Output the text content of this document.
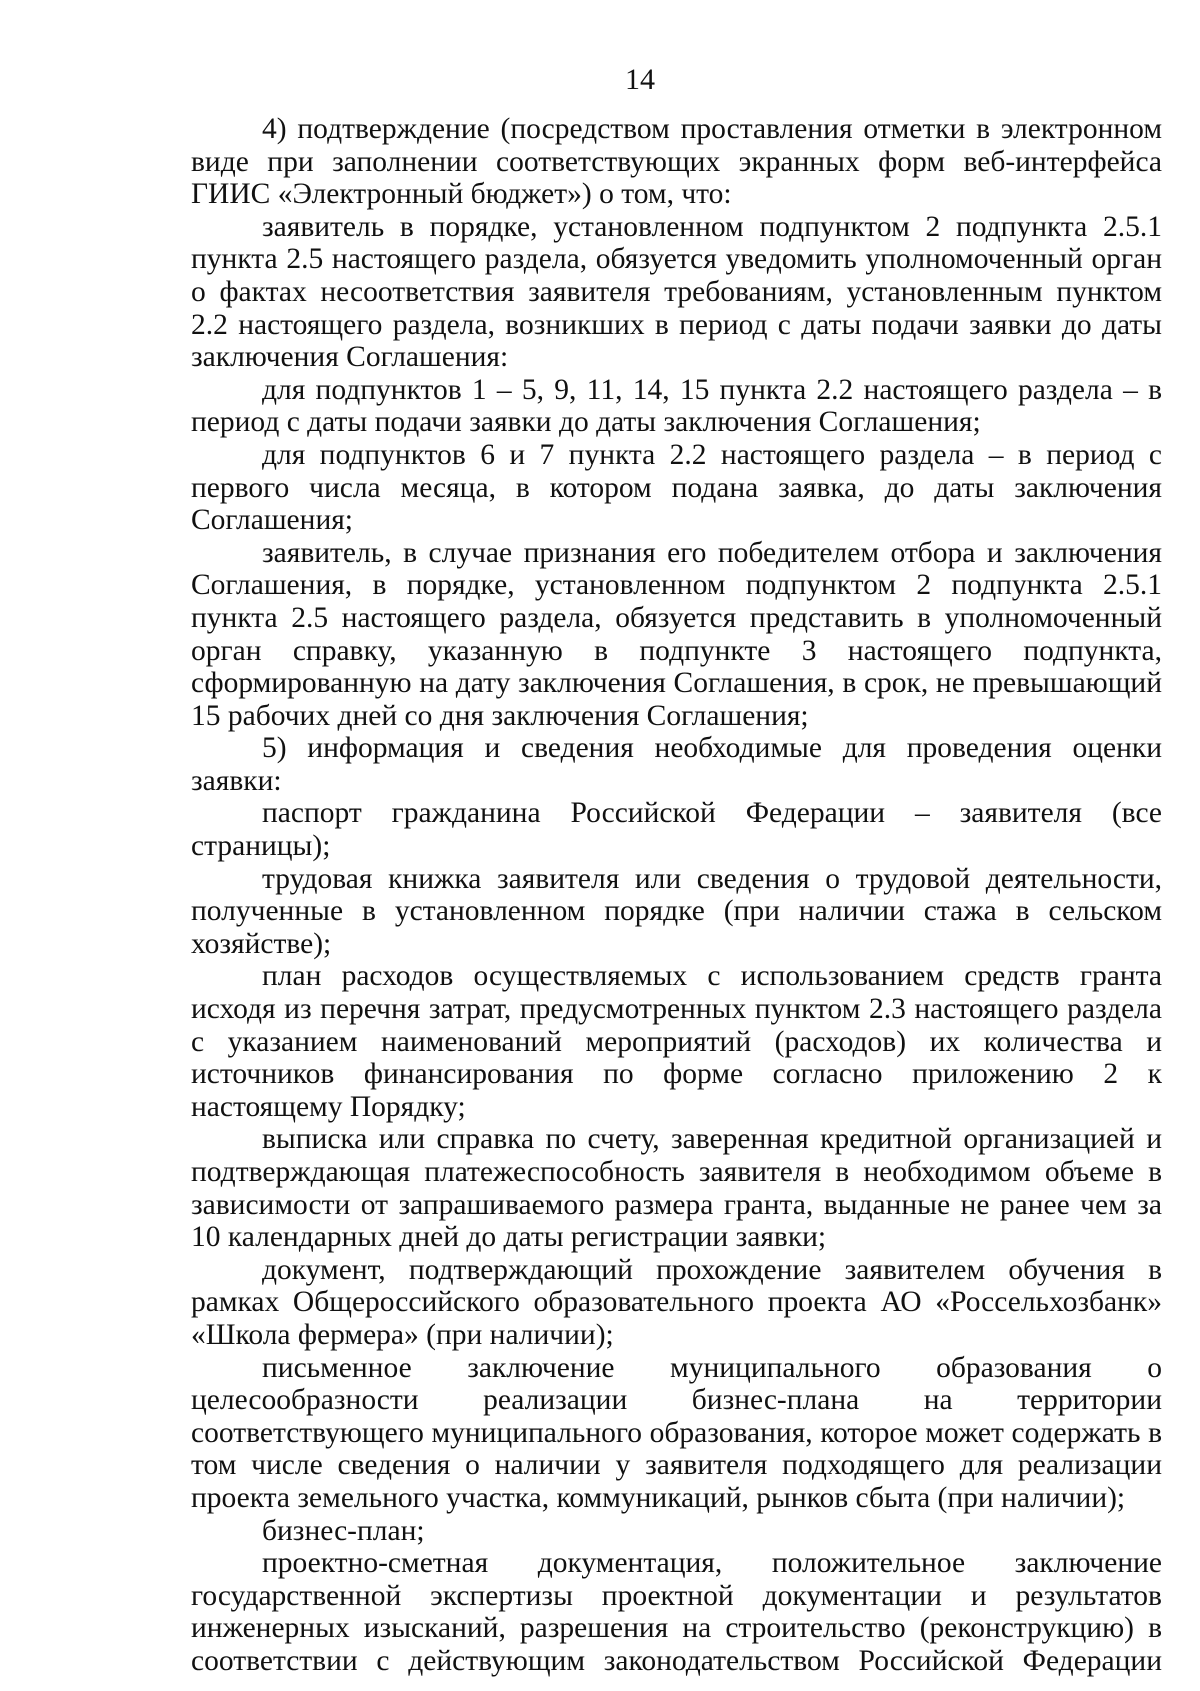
14

4) подтверждение (посредством проставления отметки в электронном виде при заполнении соответствующих экранных форм веб-интерфейса ГИИС «Электронный бюджет») о том, что:

заявитель в порядке, установленном подпунктом 2 подпункта 2.5.1 пункта 2.5 настоящего раздела, обязуется уведомить уполномоченный орган о фактах несоответствия заявителя требованиям, установленным пунктом 2.2 настоящего раздела, возникших в период с даты подачи заявки до даты заключения Соглашения:

для подпунктов 1 – 5, 9, 11, 14, 15 пункта 2.2 настоящего раздела – в период с даты подачи заявки до даты заключения Соглашения;

для подпунктов 6 и 7 пункта 2.2 настоящего раздела – в период с первого числа месяца, в котором подана заявка, до даты заключения Соглашения;

заявитель, в случае признания его победителем отбора и заключения Соглашения, в порядке, установленном подпунктом 2 подпункта 2.5.1 пункта 2.5 настоящего раздела, обязуется представить в уполномоченный орган справку, указанную в подпункте 3 настоящего подпункта, сформированную на дату заключения Соглашения, в срок, не превышающий 15 рабочих дней со дня заключения Соглашения;

5) информация и сведения необходимые для проведения оценки заявки:

паспорт гражданина Российской Федерации – заявителя (все страницы);

трудовая книжка заявителя или сведения о трудовой деятельности, полученные в установленном порядке (при наличии стажа в сельском хозяйстве);

план расходов осуществляемых с использованием средств гранта исходя из перечня затрат, предусмотренных пунктом 2.3 настоящего раздела с указанием наименований мероприятий (расходов) их количества и источников финансирования по форме согласно приложению 2 к настоящему Порядку;

выписка или справка по счету, заверенная кредитной организацией и подтверждающая платежеспособность заявителя в необходимом объеме в зависимости от запрашиваемого размера гранта, выданные не ранее чем за 10 календарных дней до даты регистрации заявки;

документ, подтверждающий прохождение заявителем обучения в рамках Общероссийского образовательного проекта АО «Россельхозбанк» «Школа фермера» (при наличии);

письменное заключение муниципального образования о целесообразности реализации бизнес-плана на территории соответствующего муниципального образования, которое может содержать в том числе сведения о наличии у заявителя подходящего для реализации проекта земельного участка, коммуникаций, рынков сбыта (при наличии);

бизнес-план;

проектно-сметная документация, положительное заключение государственной экспертизы проектной документации и результатов инженерных изысканий, разрешения на строительство (реконструкцию) в соответствии с действующим законодательством Российской Федерации
